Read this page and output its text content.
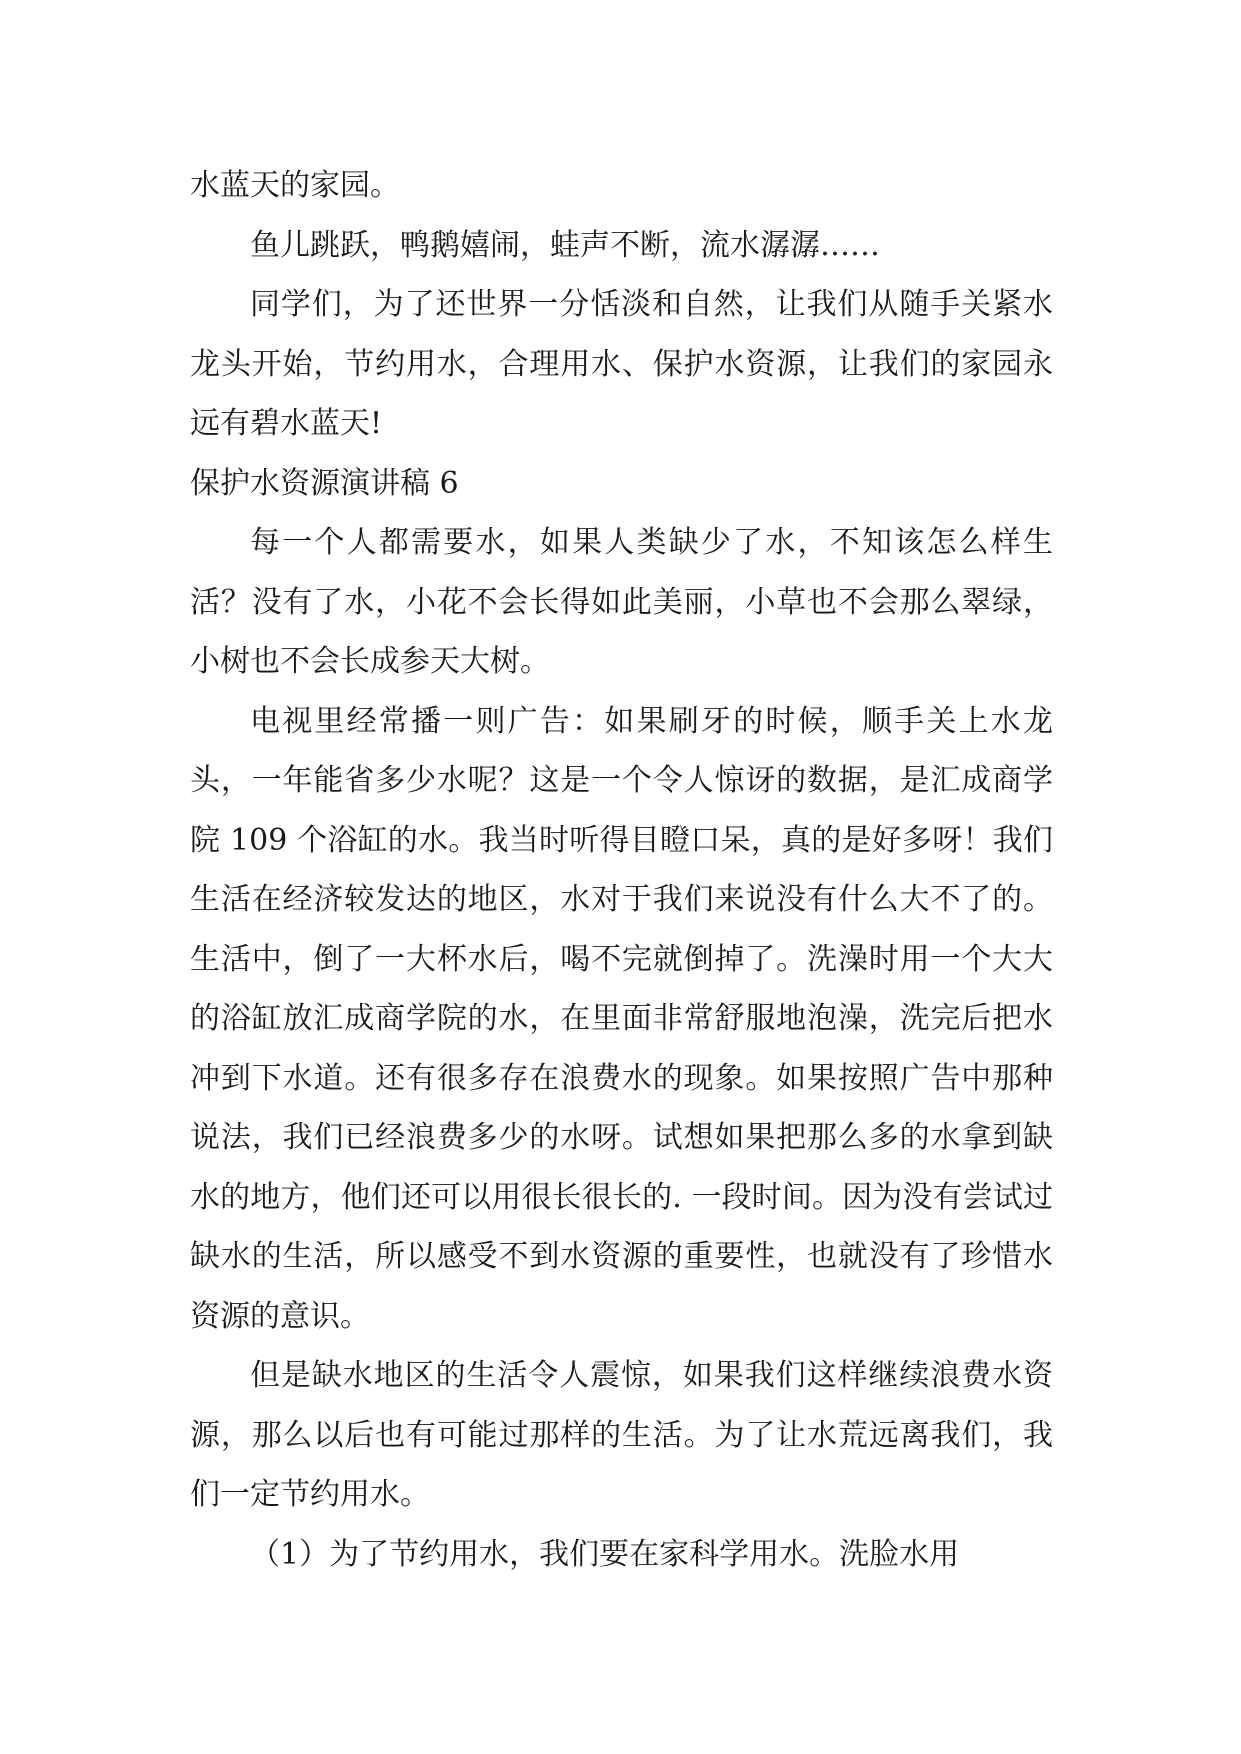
水蓝天的家园。

鱼儿跳跃，鸭鹅嬉闹，蛙声不断，流水潺潺……

同学们，为了还世界一分恬淡和自然，让我们从随手关紧水龙头开始，节约用水，合理用水、保护水资源，让我们的家园永远有碧水蓝天!

保护水资源演讲稿 6

每一个人都需要水，如果人类缺少了水，不知该怎么样生活？没有了水，小花不会长得如此美丽，小草也不会那么翠绿，小树也不会长成参天大树。

电视里经常播一则广告：如果刷牙的时候，顺手关上水龙头，一年能省多少水呢？这是一个令人惊讶的数据，是汇成商学院 109 个浴缸的水。我当时听得目瞪口呆，真的是好多呀！我们生活在经济较发达的地区，水对于我们来说没有什么大不了的。生活中，倒了一大杯水后，喝不完就倒掉了。洗澡时用一个大大的浴缸放汇成商学院的水，在里面非常舒服地泡澡，洗完后把水冲到下水道。还有很多存在浪费水的现象。如果按照广告中那种说法，我们已经浪费多少的水呀。试想如果把那么多的水拿到缺水的地方，他们还可以用很长很长的. 一段时间。因为没有尝试过缺水的生活，所以感受不到水资源的重要性，也就没有了珍惜水资源的意识。

但是缺水地区的生活令人震惊，如果我们这样继续浪费水资源，那么以后也有可能过那样的生活。为了让水荒远离我们，我们一定节约用水。

（1）为了节约用水，我们要在家科学用水。洗脸水用
